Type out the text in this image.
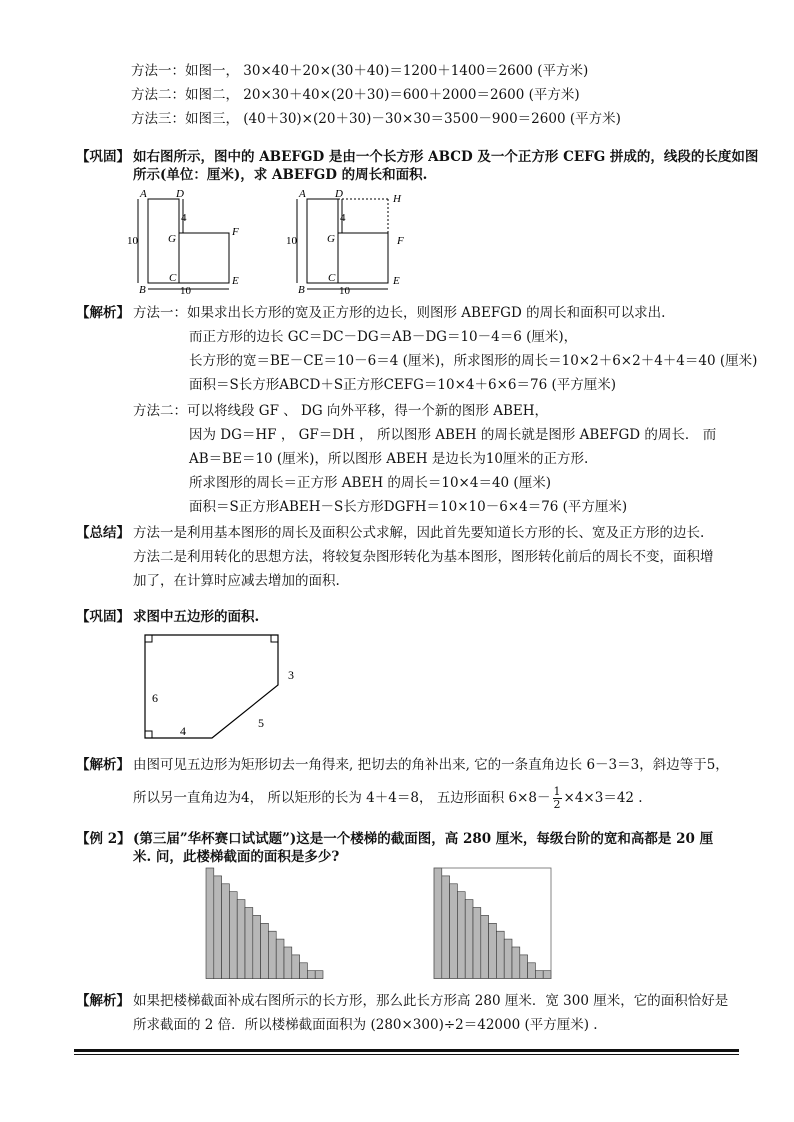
方法一：如图一， 30×40＋20×(30＋40)＝1200＋1400＝2600 (平方米)
方法二：如图二， 20×30＋40×(20＋30)＝600＋2000＝2600 (平方米)
方法三：如图三， (40＋30)×(20＋30)－30×30＝3500－900＝2600 (平方米)
【巩固】 如右图所示，图中的 ABEFGD 是由一个长方形 ABCD 及一个正方形 CEFG 拼成的，线段的长度如图
所示(单位：厘米)，求 ABEFGD 的周长和面积.
A	D
B
C
G
F
E
4
10
10
A	D	H
B
C
G	F
E
4
10
10
【解析】 方法一：如果求出长方形的宽及正方形的边长，则图形 ABEFGD 的周长和面积可以求出.
而正方形的边长 GC＝DC－DG＝AB－DG＝10－4＝6 (厘米)，
长方形的宽＝BE－CE＝10－6＝4 (厘米)，所求图形的周长＝10×2＋6×2＋4＋4＝40 (厘米)
面积＝S长方形ABCD＋S正方形CEFG＝10×4＋6×6＝76 (平方厘米)
方法二：可以将线段 GF 、 DG 向外平移，得一个新的图形 ABEH，
因为 DG＝HF ， GF＝DH ， 所以图形 ABEH 的周长就是图形 ABEFGD 的周长． 而
AB＝BE＝10 (厘米)，所以图形 ABEH 是边长为10厘米的正方形.
所求图形的周长＝正方形 ABEH 的周长＝10×4＝40 (厘米)
面积＝S正方形ABEH－S长方形DGFH＝10×10－6×4＝76 (平方厘米)
【总结】 方法一是利用基本图形的周长及面积公式求解，因此首先要知道长方形的长、宽及正方形的边长.
方法二是利用转化的思想方法，将较复杂图形转化为基本图形，图形转化前后的周长不变，面积增
加了，在计算时应减去增加的面积.
【巩固】 求图中五边形的面积.
3
6
4
5
【解析】 由图可见五边形为矩形切去一角得来, 把切去的角补出来, 它的一条直角边长 6－3＝3，斜边等于5，
所以另一直角边为4， 所以矩形的长为 4＋4＝8， 五边形面积 $6\times 8- \frac{1}{2} \times 4\times 3=42$ .
【例 2】 (第三届”华杯赛口试试题”)这是一个楼梯的截面图，高 280 厘米，每级台阶的宽和高都是 20 厘
米. 问，此楼梯截面的面积是多少?
【解析】 如果把楼梯截面补成右图所示的长方形，那么此长方形高 280 厘米．宽 300 厘米，它的面积恰好是
所求截面的 2 倍．所以楼梯截面面积为 (280×300)÷2＝42000 (平方厘米) .
